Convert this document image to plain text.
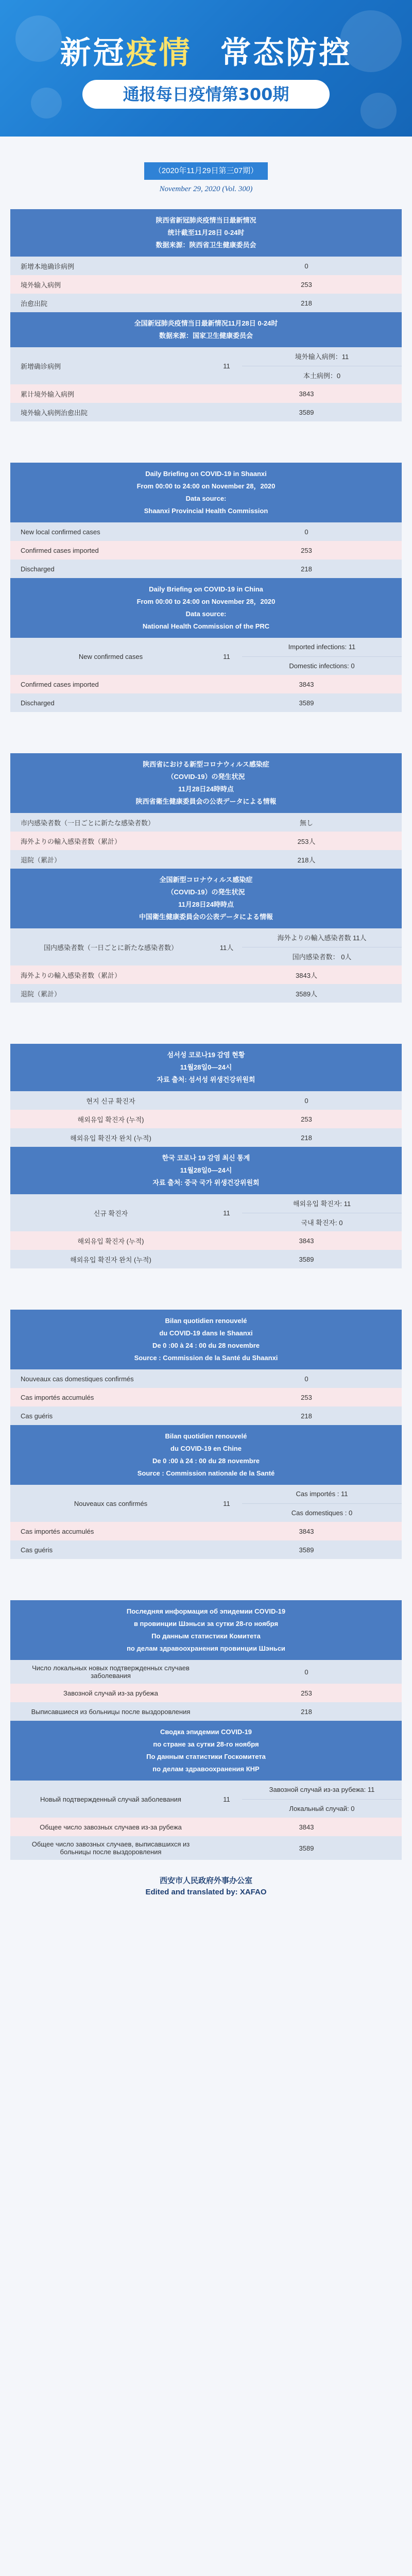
新冠疫情 常态防控
通报每日疫情第300期
（2020年11月29日第三07期）
November 29, 2020 (Vol. 300)
陕西省新冠肺炎疫情当日最新情况
统计截至11月28日 0-24时
数据来源：陕西省卫生健康委员会
新增本地确诊病例	0
境外输入病例	253
治愈出院	218
全国新冠肺炎疫情当日最新情况11月28日 0-24时
数据来源：国家卫生健康委员会
新增确诊病例	11
境外输入病例：11
本土病例：0
累计境外输入病例	3843
境外输入病例治愈出院	3589
Daily Briefing on COVID-19 in Shaanxi
From 00:00 to 24:00 on November 28，2020
Data source:
Shaanxi Provincial Health Commission
New local confirmed cases	0
Confirmed cases imported	253
Discharged	218
Daily Briefing on COVID-19 in China
From 00:00 to 24:00 on November 28，2020
Data source:
National Health Commission of the PRC
New confirmed cases	11
Imported infections: 11
Domestic infections: 0
Confirmed cases imported	3843
Discharged	3589
陕西省における新型コロナウィルス感染症
（COVID-19）の発生状況
11月28日24時時点
陕西省衛生健康委員会の公表データによる情報
市内感染者数（一日ごとに新たな感染者数）	無し
海外よりの輸入感染者数（累計）	253人
退院（累計）	218人
全国新型コロナウィルス感染症
（COVID-19）の発生状況
11月28日24時時点
中国衛生健康委員会の公表データによる情報
国内感染者数（一日ごとに新たな感染者数）	11人
海外よりの輸入感染者数 11人
国内感染者数： 0人
海外よりの輸入感染者数（累計）	3843人
退院（累計）	3589人
섬서성 코로나19 감염 현황
11월28일0—24시
자료 출처: 섬서성 위생건강위원회
현지 신규 확진자	0
해외유입 확진자 (누적)	253
해외유입 확진자 완치 (누적)	218
한국 코로나 19 감염 최신 통계
11월28일0—24시
자료 출처: 중국 국가 위생건강위원회
신규 확진자	11
해외유입 확진자: 11
국내 확진자: 0
해외유입 확진자 (누적)	3843
해외유입 확진자 완치 (누적)	3589
Bilan quotidien renouvelé
du COVID-19 dans le Shaanxi
De 0 :00 à 24 : 00 du 28 novembre
Source : Commission de la Santé du Shaanxi
Nouveaux cas domestiques confirmés	0
Cas importés accumulés	253
Cas guéris	218
Bilan quotidien renouvelé
du COVID-19 en Chine
De 0 :00 à 24 : 00 du 28 novembre
Source : Commission nationale de la Santé
Nouveaux cas confirmés	11
Cas importés : 11
Cas domestiques : 0
Cas importés accumulés	3843
Cas guéris	3589
Последняя информация об эпидемии COVID-19
в провинции Шэньси за сутки 28-го ноября
По данным статистики Комитета
по делам здравоохранения провинции Шэньси
Число локальных новых подтвержденных случаев заболевания	0
Завозной случай из-за рубежа	253
Выписавшиеся из больницы после выздоровления	218
Сводка эпидемии COVID-19
по стране за сутки 28-го ноября
По данным статистики Госкомитета
по делам здравоохранения КНР
Новый подтвержденный случай заболевания	11
Завозной случай из-за рубежа: 11
Локальный случай: 0
Общее число завозных случаев из-за рубежа	3843
Общее число завозных случаев, выписавшихся из больницы после выздоровления	3589
西安市人民政府外事办公室
Edited and translated by: XAFAO
